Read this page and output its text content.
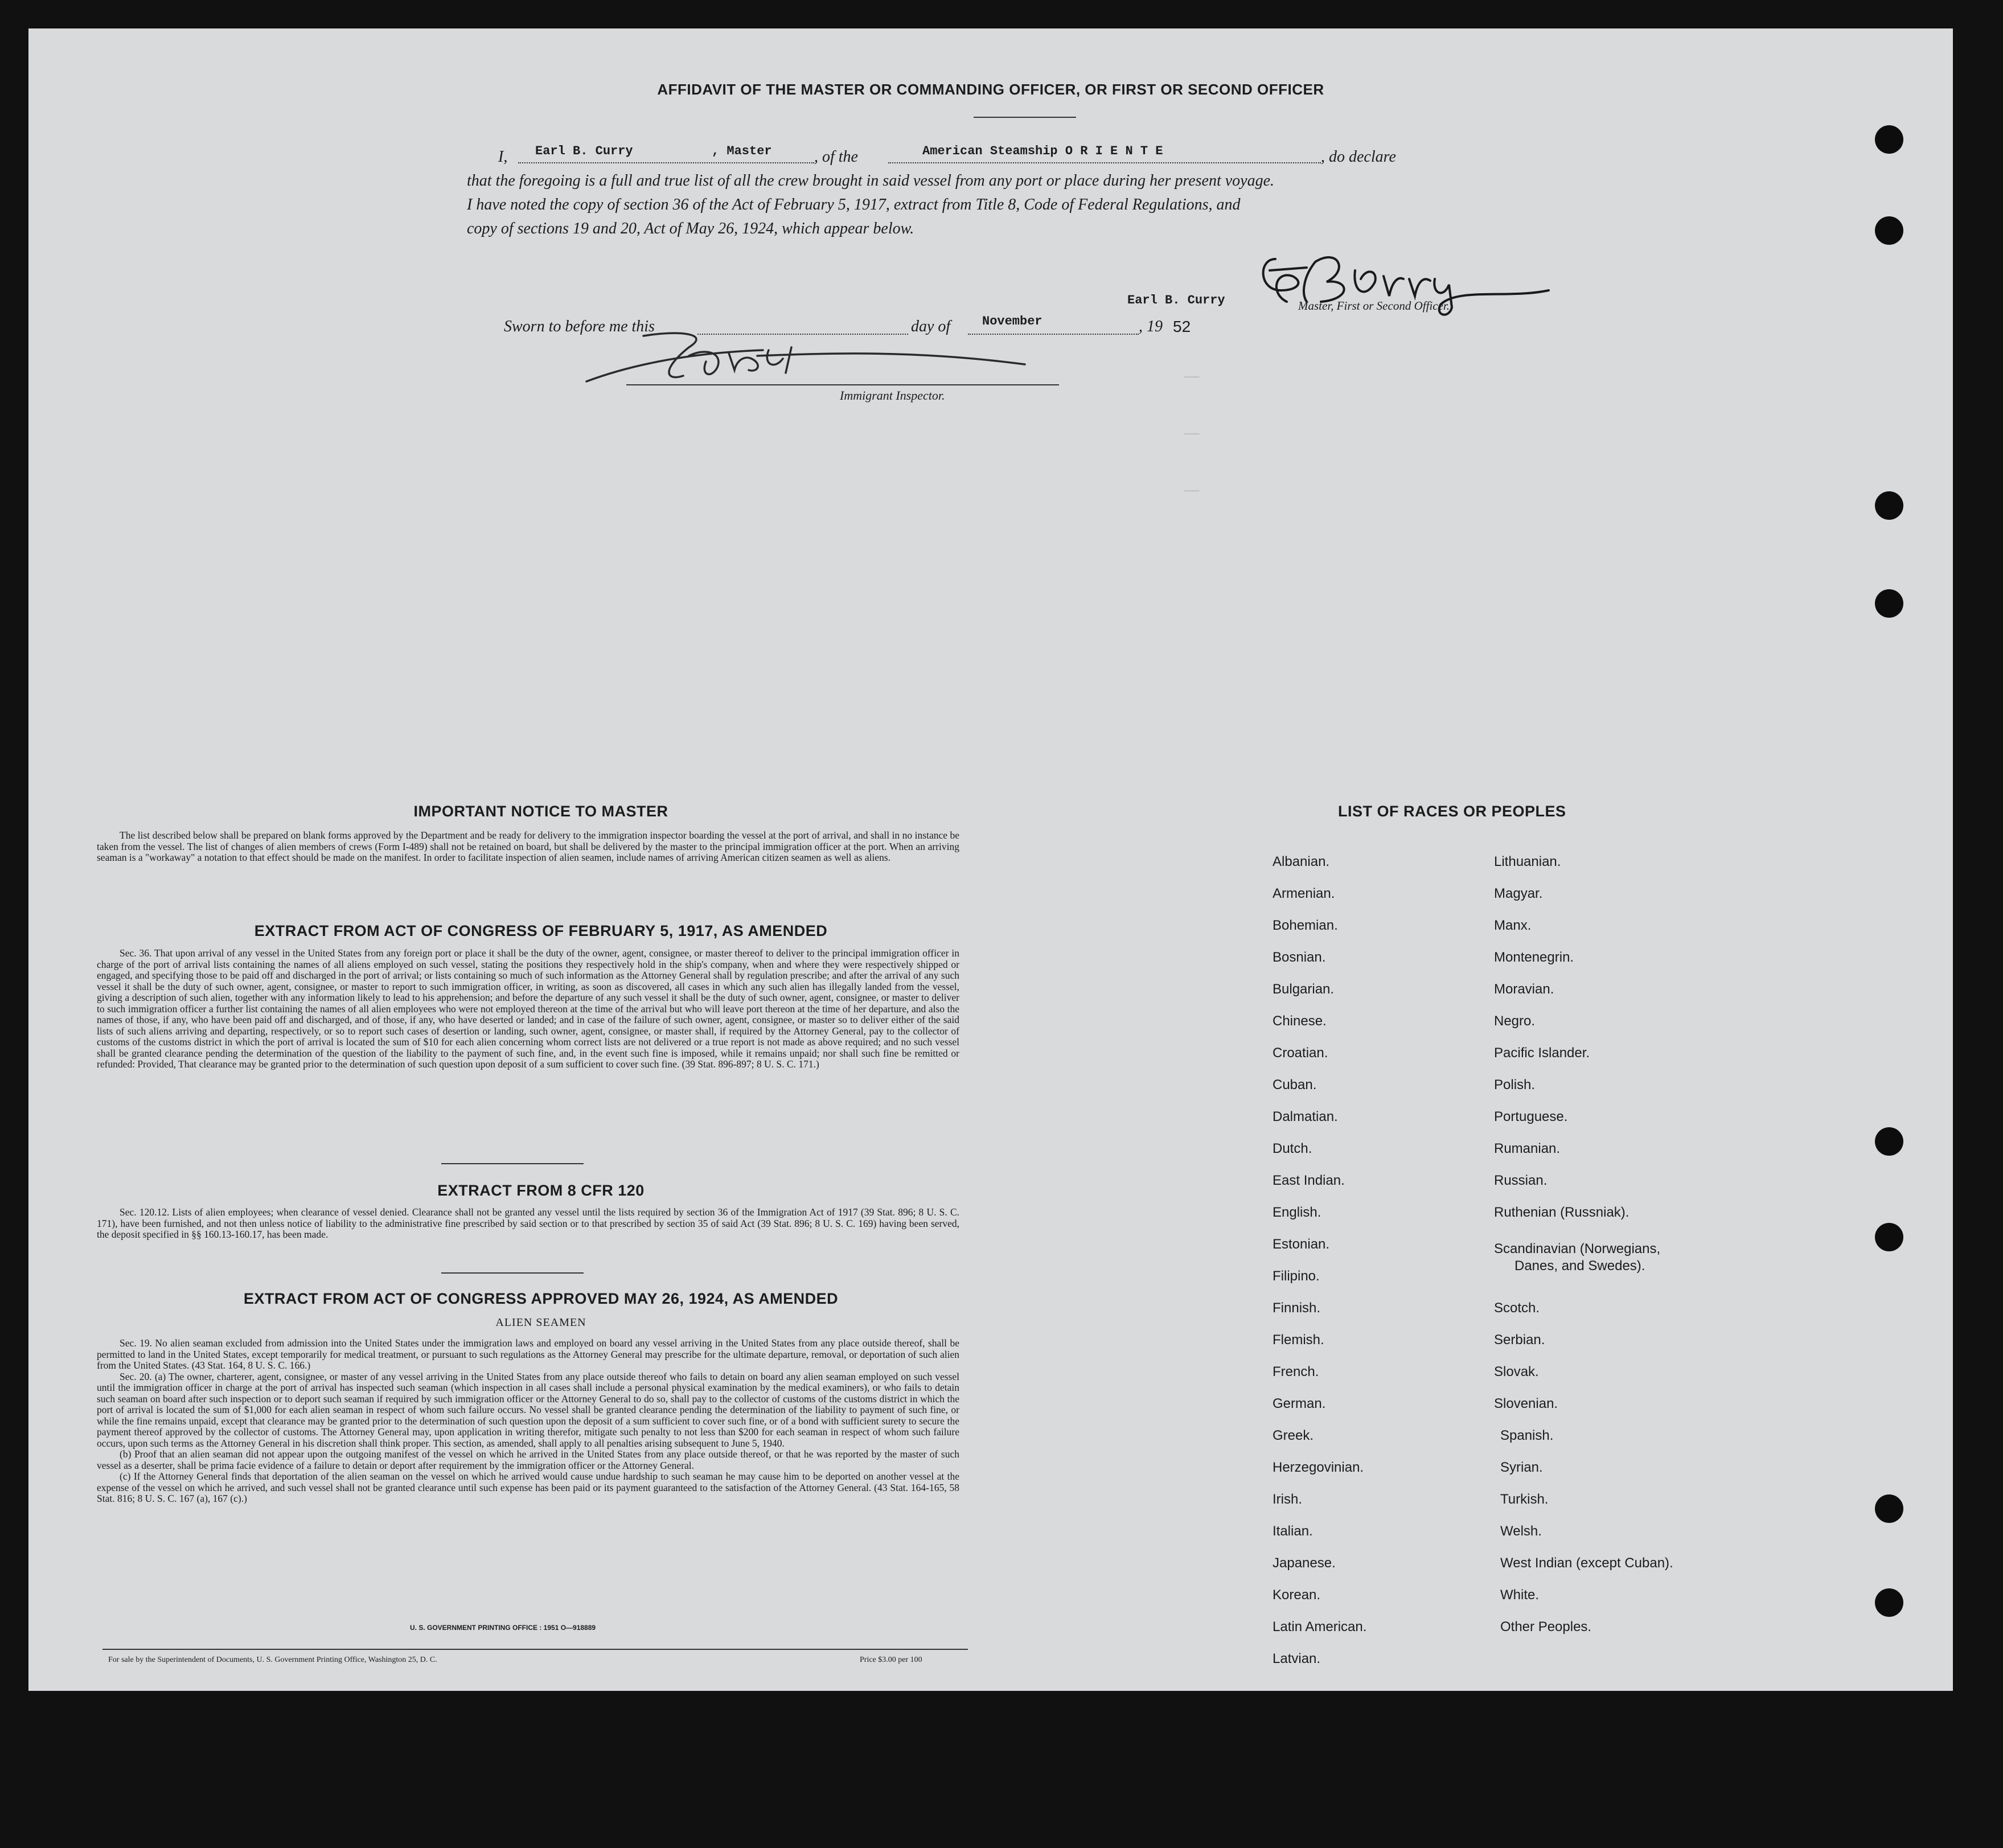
——
——
——
AFFIDAVIT OF THE MASTER OR COMMANDING OFFICER, OR FIRST OR SECOND OFFICER
I, Earl B. Curry	, Master	, of the	American Steamship O R I E N T E	, do declare
that the foregoing is a full and true list of all the crew brought in said vessel from any port or place during her present voyage.
I have noted the copy of section 36 of the Act of February 5, 1917, extract from Title 8, Code of Federal Regulations, and
copy of sections 19 and 20, Act of May 26, 1924, which appear below.
Earl B. Curry	Master, First or Second Officer.
Sworn to before me this	day of	November	, 19 52
Immigrant Inspector.
IMPORTANT NOTICE TO MASTER
The list described below shall be prepared on blank forms approved by the Department and be ready for delivery to the immigration inspector boarding the vessel at the port of arrival, and shall in no instance be taken from the vessel. The list of changes of alien members of crews (Form I-489) shall not be retained on board, but shall be delivered by the master to the principal immigration officer at the port. When an arriving seaman is a "workaway" a notation to that effect should be made on the manifest. In order to facilitate inspection of alien seamen, include names of arriving American citizen seamen as well as aliens.
EXTRACT FROM ACT OF CONGRESS OF FEBRUARY 5, 1917, AS AMENDED
Sec. 36. That upon arrival of any vessel in the United States from any foreign port or place it shall be the duty of the owner, agent, consignee, or master thereof to deliver to the principal immigration officer in charge of the port of arrival lists containing the names of all aliens employed on such vessel, stating the positions they respectively hold in the ship's company, when and where they were respectively shipped or engaged, and specifying those to be paid off and discharged in the port of arrival; or lists containing so much of such information as the Attorney General shall by regulation prescribe; and after the arrival of any such vessel it shall be the duty of such owner, agent, consignee, or master to report to such immigration officer, in writing, as soon as discovered, all cases in which any such alien has illegally landed from the vessel, giving a description of such alien, together with any information likely to lead to his apprehension; and before the departure of any such vessel it shall be the duty of such owner, agent, consignee, or master to deliver to such immigration officer a further list containing the names of all alien employees who were not employed thereon at the time of the arrival but who will leave port thereon at the time of her departure, and also the names of those, if any, who have been paid off and discharged, and of those, if any, who have deserted or landed; and in case of the failure of such owner, agent, consignee, or master so to deliver either of the said lists of such aliens arriving and departing, respectively, or so to report such cases of desertion or landing, such owner, agent, consignee, or master shall, if required by the Attorney General, pay to the collector of customs of the customs district in which the port of arrival is located the sum of $10 for each alien concerning whom correct lists are not delivered or a true report is not made as above required; and no such vessel shall be granted clearance pending the determination of the question of the liability to the payment of such fine, and, in the event such fine is imposed, while it remains unpaid; nor shall such fine be remitted or refunded: Provided, That clearance may be granted prior to the determination of such question upon deposit of a sum sufficient to cover such fine. (39 Stat. 896-897; 8 U. S. C. 171.)
EXTRACT FROM 8 CFR 120
Sec. 120.12. Lists of alien employees; when clearance of vessel denied. Clearance shall not be granted any vessel until the lists required by section 36 of the Immigration Act of 1917 (39 Stat. 896; 8 U. S. C. 171), have been furnished, and not then unless notice of liability to the administrative fine prescribed by said section or to that prescribed by section 35 of said Act (39 Stat. 896; 8 U. S. C. 169) having been served, the deposit specified in §§ 160.13-160.17, has been made.
EXTRACT FROM ACT OF CONGRESS APPROVED MAY 26, 1924, AS AMENDED
ALIEN SEAMEN
Sec. 19. No alien seaman excluded from admission into the United States under the immigration laws and employed on board any vessel arriving in the United States from any place outside thereof, shall be permitted to land in the United States, except temporarily for medical treatment, or pursuant to such regulations as the Attorney General may prescribe for the ultimate departure, removal, or deportation of such alien from the United States. (43 Stat. 164, 8 U. S. C. 166.)
Sec. 20. (a) The owner, charterer, agent, consignee, or master of any vessel arriving in the United States from any place outside thereof who fails to detain on board any alien seaman employed on such vessel until the immigration officer in charge at the port of arrival has inspected such seaman (which inspection in all cases shall include a personal physical examination by the medical examiners), or who fails to detain such seaman on board after such inspection or to deport such seaman if required by such immigration officer or the Attorney General to do so, shall pay to the collector of customs of the customs district in which the port of arrival is located the sum of $1,000 for each alien seaman in respect of whom such failure occurs. No vessel shall be granted clearance pending the determination of the liability to payment of such fine, or while the fine remains unpaid, except that clearance may be granted prior to the determination of such question upon the deposit of a sum sufficient to cover such fine, or of a bond with sufficient surety to secure the payment thereof approved by the collector of customs. The Attorney General may, upon application in writing therefor, mitigate such penalty to not less than $200 for each seaman in respect of whom such failure occurs, upon such terms as the Attorney General in his discretion shall think proper. This section, as amended, shall apply to all penalties arising subsequent to June 5, 1940.
(b) Proof that an alien seaman did not appear upon the outgoing manifest of the vessel on which he arrived in the United States from any place outside thereof, or that he was reported by the master of such vessel as a deserter, shall be prima facie evidence of a failure to detain or deport after requirement by the immigration officer or the Attorney General.
(c) If the Attorney General finds that deportation of the alien seaman on the vessel on which he arrived would cause undue hardship to such seaman he may cause him to be deported on another vessel at the expense of the vessel on which he arrived, and such vessel shall not be granted clearance until such expense has been paid or its payment guaranteed to the satisfaction of the Attorney General. (43 Stat. 164-165, 58 Stat. 816; 8 U. S. C. 167 (a), 167 (c).)
U. S. GOVERNMENT PRINTING OFFICE : 1951 O—918889
For sale by the Superintendent of Documents, U. S. Government Printing Office, Washington 25, D. C.	Price $3.00 per 100
LIST OF RACES OR PEOPLES
Albanian.
Armenian.
Bohemian.
Bosnian.
Bulgarian.
Chinese.
Croatian.
Cuban.
Dalmatian.
Dutch.
East Indian.
English.
Estonian.
Filipino.
Finnish.
Flemish.
French.
German.
Greek.
Herzegovinian.
Irish.
Italian.
Japanese.
Korean.
Latin American.
Latvian.
Lithuanian.
Magyar.
Manx.
Montenegrin.
Moravian.
Negro.
Pacific Islander.
Polish.
Portuguese.
Rumanian.
Russian.
Ruthenian (Russniak).
Scandinavian (Norwegians,
Danes, and Swedes).
Scotch.
Serbian.
Slovak.
Slovenian.
Spanish.
Syrian.
Turkish.
Welsh.
West Indian (except Cuban).
White.
Other Peoples.
